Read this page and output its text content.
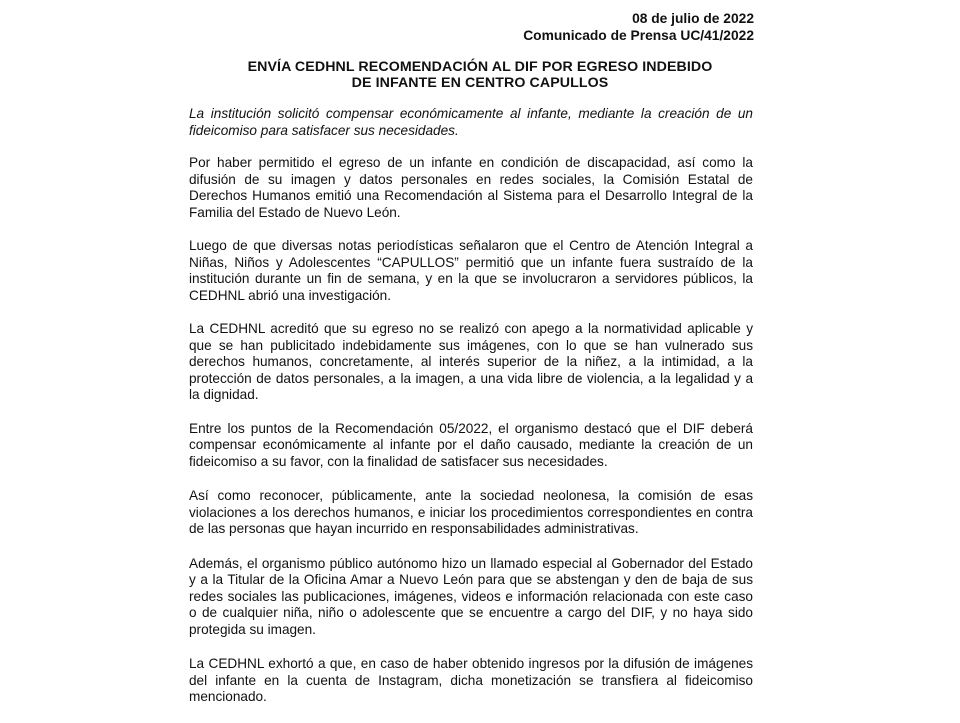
08 de julio de 2022
Comunicado de Prensa UC/41/2022
ENVÍA CEDHNL RECOMENDACIÓN AL DIF POR EGRESO INDEBIDO
DE INFANTE EN CENTRO CAPULLOS

La institución solicitó compensar económicamente al infante, mediante la creación de un fideicomiso para satisfacer sus necesidades.

Por haber permitido el egreso de un infante en condición de discapacidad, así como la difusión de su imagen y datos personales en redes sociales, la Comisión Estatal de Derechos Humanos emitió una Recomendación al Sistema para el Desarrollo Integral de la Familia del Estado de Nuevo León.

Luego de que diversas notas periodísticas señalaron que el Centro de Atención Integral a Niñas, Niños y Adolescentes “CAPULLOS” permitió que un infante fuera sustraído de la institución durante un fin de semana, y en la que se involucraron a servidores públicos, la CEDHNL abrió una investigación.

La CEDHNL acreditó que su egreso no se realizó con apego a la normatividad aplicable y que se han publicitado indebidamente sus imágenes, con lo que se han vulnerado sus derechos humanos, concretamente, al interés superior de la niñez, a la intimidad, a la protección de datos personales, a la imagen, a una vida libre de violencia, a la legalidad y a la dignidad.

Entre los puntos de la Recomendación 05/2022, el organismo destacó que el DIF deberá compensar económicamente al infante por el daño causado, mediante la creación de un fideicomiso a su favor, con la finalidad de satisfacer sus necesidades.

Así como reconocer, públicamente, ante la sociedad neolonesa, la comisión de esas violaciones a los derechos humanos, e iniciar los procedimientos correspondientes en contra de las personas que hayan incurrido en responsabilidades administrativas.

Además, el organismo público autónomo hizo un llamado especial al Gobernador del Estado y a la Titular de la Oficina Amar a Nuevo León para que se abstengan y den de baja de sus redes sociales las publicaciones, imágenes, videos e información relacionada con este caso o de cualquier niña, niño o adolescente que se encuentre a cargo del DIF, y no haya sido protegida su imagen.

La CEDHNL exhortó a que, en caso de haber obtenido ingresos por la difusión de imágenes del infante en la cuenta de Instagram, dicha monetización se transfiera al fideicomiso mencionado.
